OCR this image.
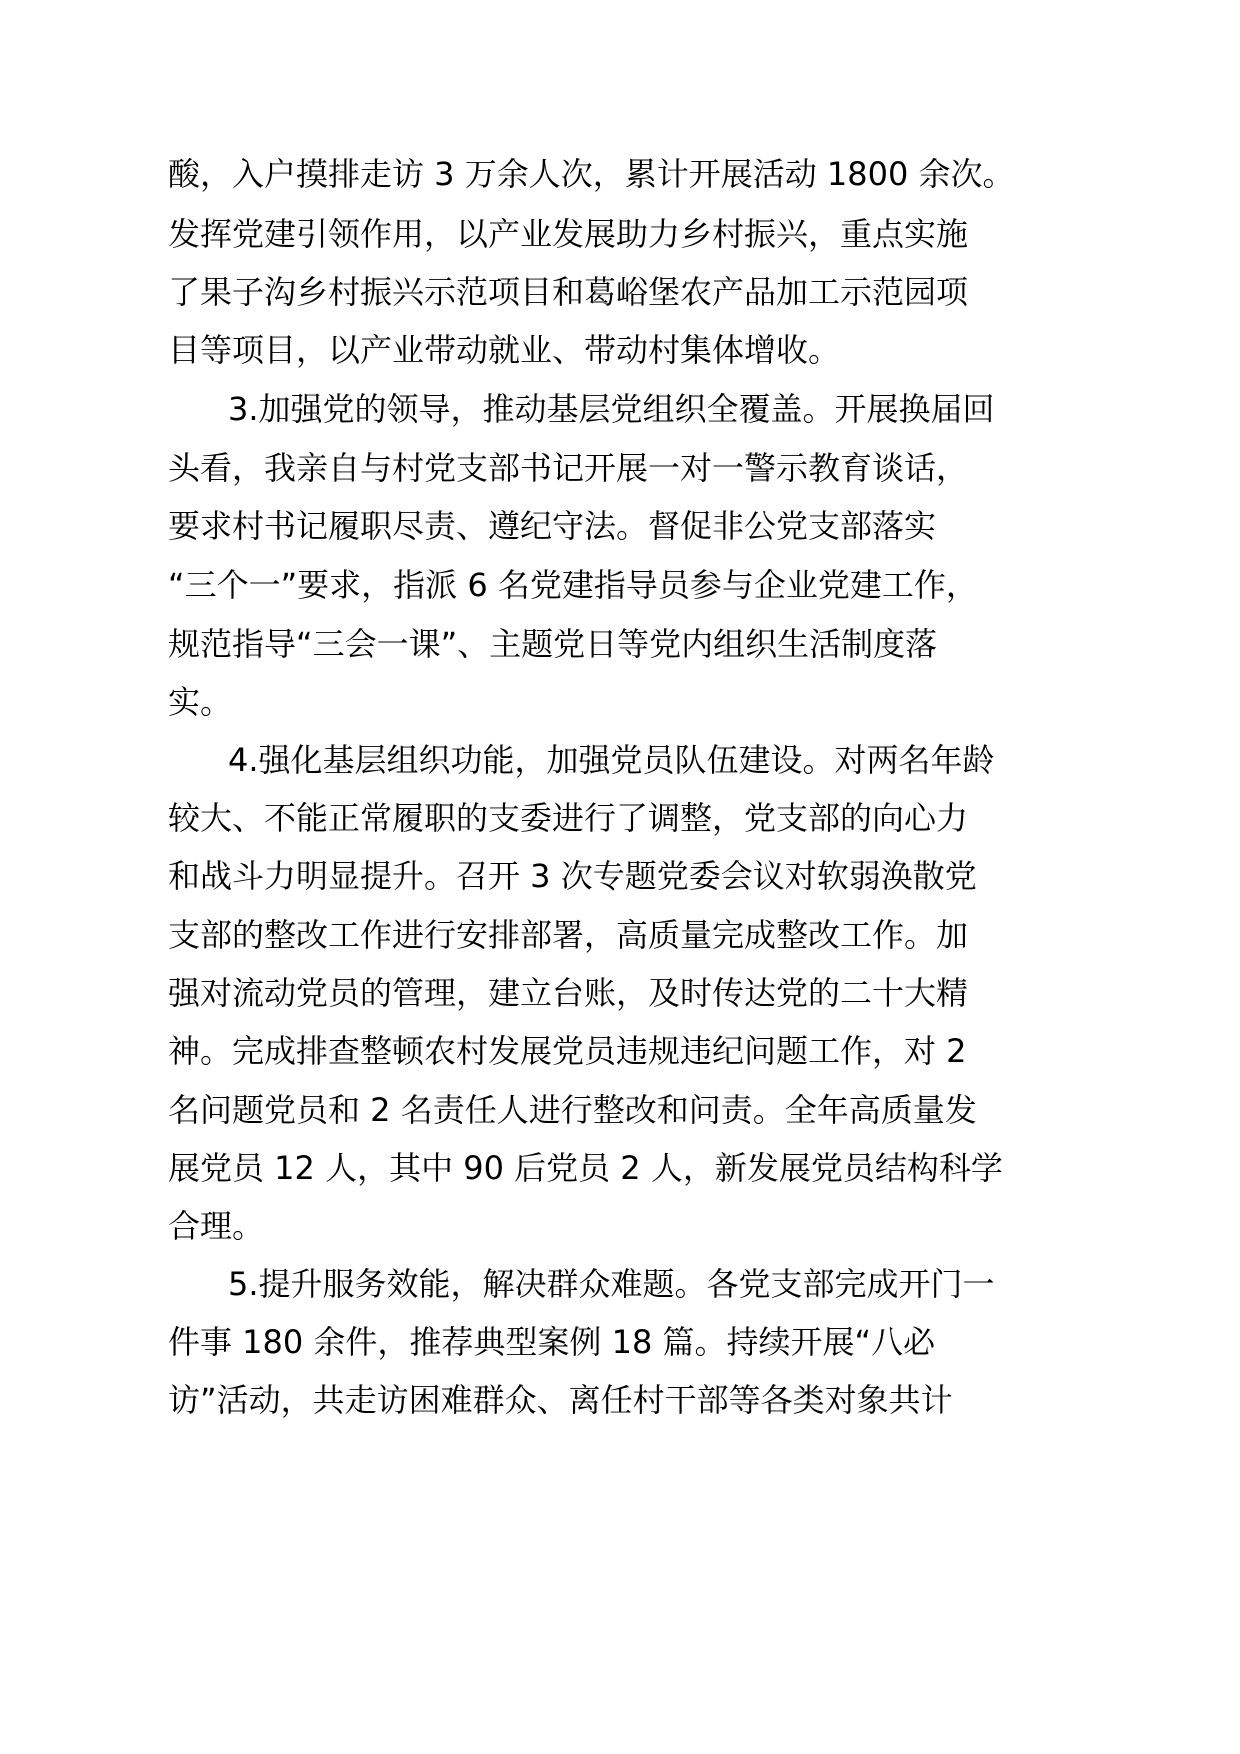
酸，入户摸排走访 3 万余人次，累计开展活动 1800 余次。

发挥党建引领作用，以产业发展助力乡村振兴，重点实施

了果子沟乡村振兴示范项目和葛峪堡农产品加工示范园项

目等项目，以产业带动就业、带动村集体增收。

3.加强党的领导，推动基层党组织全覆盖。开展换届回

头看，我亲自与村党支部书记开展一对一警示教育谈话，

要求村书记履职尽责、遵纪守法。督促非公党支部落实

“三个一”要求，指派 6 名党建指导员参与企业党建工作，

规范指导“三会一课”、主题党日等党内组织生活制度落

实。

4.强化基层组织功能，加强党员队伍建设。对两名年龄

较大、不能正常履职的支委进行了调整，党支部的向心力

和战斗力明显提升。召开 3 次专题党委会议对软弱涣散党

支部的整改工作进行安排部署，高质量完成整改工作。加

强对流动党员的管理，建立台账，及时传达党的二十大精

神。完成排查整顿农村发展党员违规违纪问题工作，对 2

名问题党员和 2 名责任人进行整改和问责。全年高质量发

展党员 12 人，其中 90 后党员 2 人，新发展党员结构科学

合理。

5.提升服务效能，解决群众难题。各党支部完成开门一

件事 180 余件，推荐典型案例 18 篇。持续开展“八必

访”活动，共走访困难群众、离任村干部等各类对象共计
